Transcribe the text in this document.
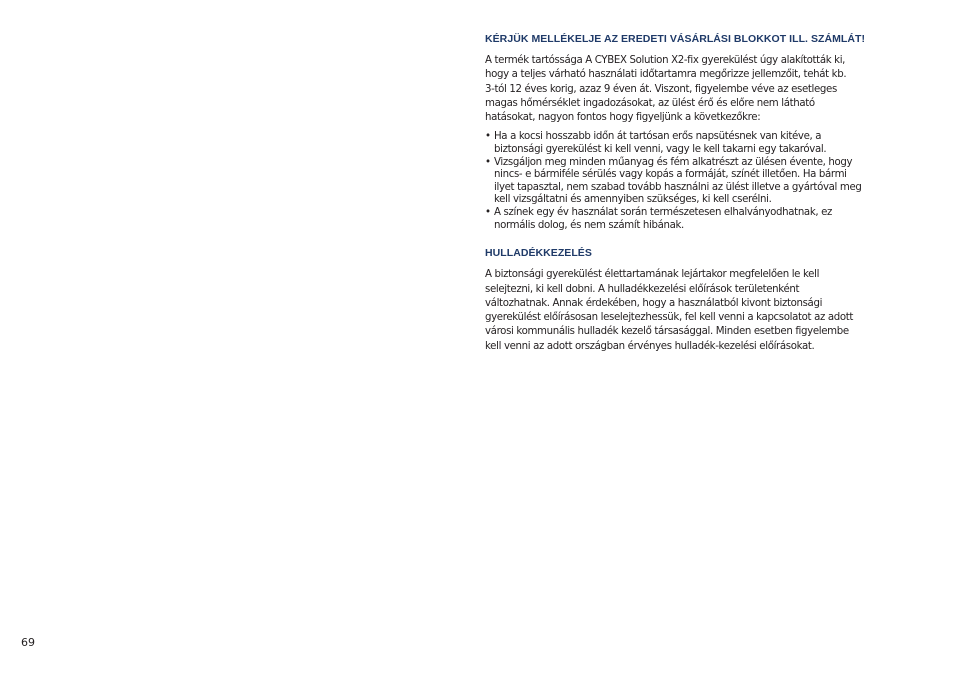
KÉRJÜK MELLÉKELJE AZ EREDETI VÁSÁRLÁSI BLOKKOT ILL. SZÁMLÁT!

A termék tartóssága A CYBEX Solution X2-fix gyerekülést úgy alakították ki,
hogy a teljes várható használati időtartamra megőrizze jellemzőit, tehát kb.
3-tól 12 éves korig, azaz 9 éven át. Viszont, figyelembe véve az esetleges
magas hőmérséklet ingadozásokat, az ülést érő és előre nem látható
hatásokat, nagyon fontos hogy figyeljünk a következőkre:

• Ha a kocsi hosszabb időn át tartósan erős napsütésnek van kitéve, a
biztonsági gyerekülést ki kell venni, vagy le kell takarni egy takaróval.
• Vizsgáljon meg minden műanyag és fém alkatrészt az ülésen évente, hogy
nincs- e bármiféle sérülés vagy kopás a formáját, színét illetően. Ha bármi
ilyet tapasztal, nem szabad tovább használni az ülést illetve a gyártóval meg
kell vizsgáltatni és amennyiben szükséges, ki kell cserélni.
• A színek egy év használat során természetesen elhalványodhatnak, ez
normális dolog, és nem számít hibának.
HULLADÉKKEZELÉS

A biztonsági gyerekülést élettartamának lejártakor megfelelően le kell
selejtezni, ki kell dobni. A hulladékkezelési előírások területenként
változhatnak. Annak érdekében, hogy a használatból kivont biztonsági
gyerekülést előírásosan leselejtezhessük, fel kell venni a kapcsolatot az adott
városi kommunális hulladék kezelő társasággal. Minden esetben figyelembe
kell venni az adott országban érvényes hulladék-kezelési előírásokat.

69
